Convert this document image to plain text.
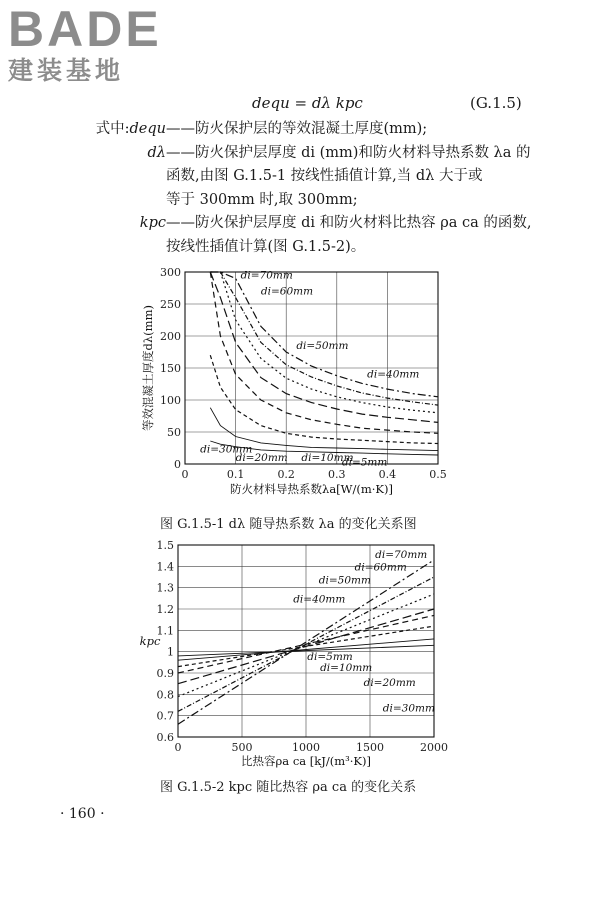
BADE
建装基地
dequ = dλ kpc	(G.1.5)
式中:dequ ——防火保护层的等效混凝土厚度(mm);
dλ ——防火保护层厚度 di (mm)和防火材料导热系数 λa 的
函数,由图 G.1.5-1 按线性插值计算,当 dλ 大于或
等于 300mm 时,取 300mm;
kpc ——防火保护层厚度 di 和防火材料比热容 ρa ca 的函数,
按线性插值计算(图 G.1.5-2)。
0	0.1	0.2	0.3	0.4	0.5
0
50
100
150
200
250
300	di=70mm
di=60mm
di=50mm
di=40mm
di=30mm
di=20mm di=10mm
di=5mm
防火材料导热系数λa[W/(m·K)]
等效混凝土厚度dλ(mm)
0	500	1000	1500	2000
0.6
0.7
0.8
0.9
1
1.1
1.2
1.3
1.4
1.5
di=70mm
di=60mm
di=50mm
di=40mm
di=5mm
di=10mm
di=20mm
di=30mm
比热容ρa ca [kJ/(m³·K)]
kpc
图 G.1.5-1 dλ 随导热系数 λa 的变化关系图
图 G.1.5-2 kpc 随比热容 ρa ca 的变化关系
· 160 ·
